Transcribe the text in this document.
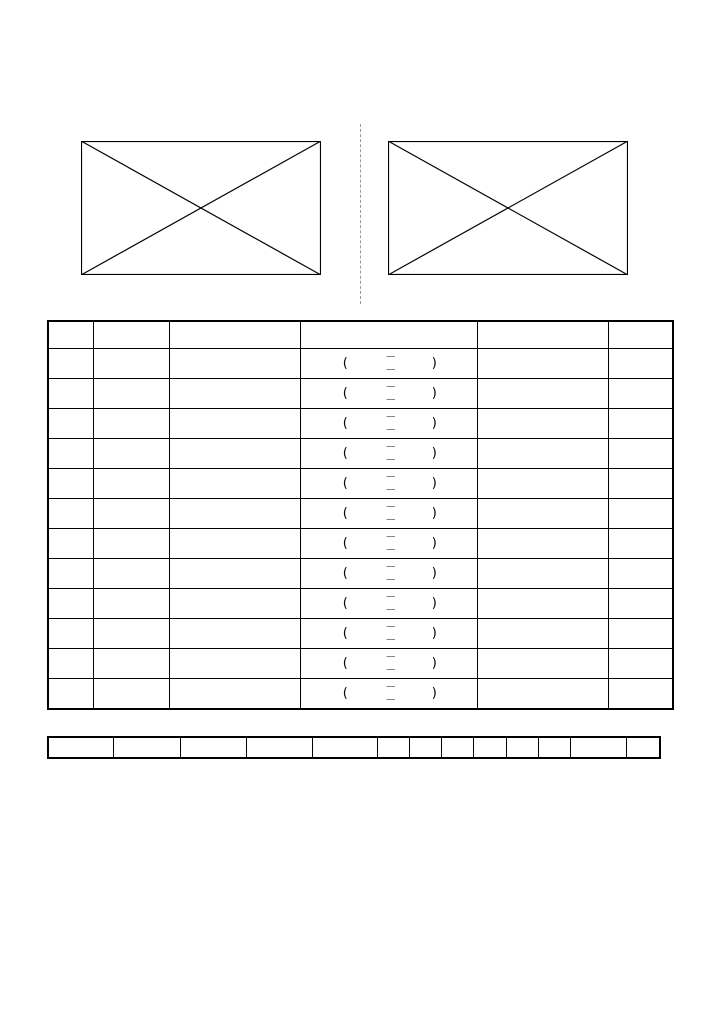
			( －
－ )		

			( －
－ )		

			( －
－ )		

			( －
－ )		

			( －
－ )		

			( －
－ )		

			( －
－ )		

			( －
－ )		

			( －
－ )		

			( －
－ )		

			( －
－ )		

			( －
－ )		
